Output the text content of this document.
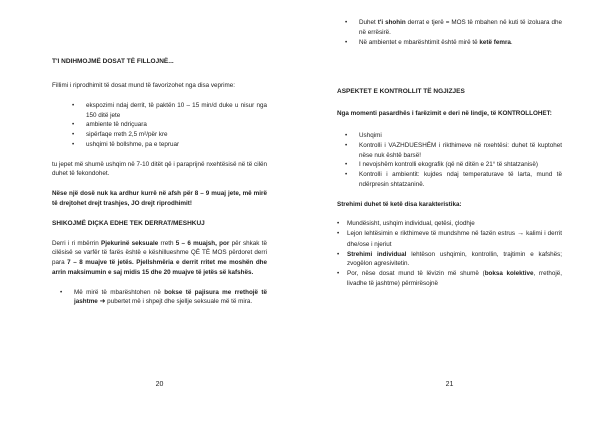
T'I NDIHMOJMË DOSAT TË FILLOJNË...

Fillimi i riprodhimit të dosat mund të favorizohet nga disa veprime:

• ekspozimi ndaj derrit, të paktën 10 – 15 min/d duke u nisur nga 150 ditë jete
• ambiente të ndriçuara
• sipërfaqe rreth 2,5 m²/për kre
• ushqimi të bollshme, pa e tepruar

tu jepet më shumë ushqim në 7-10 ditët që i paraprijnë nxehtësisë në të cilën duhet të fekondohet.

Nëse një dosë nuk ka ardhur kurrë në afsh për 8 – 9 muaj jete, më mirë të drejtohet drejt trashjes, JO drejt riprodhimit!

SHIKOJMË DIÇKA EDHE TEK DERRAT/MESHKUJ

Derri i ri mbërrin Pjekurinë seksuale rreth 5 – 6 muajsh, por për shkak të cilësisë se varfër të farës është e këshillueshme QË TË MOS përdoret derri para 7 – 8 muajve të jetës. Pjellshmëria e derrit rritet me moshën dhe arrin maksimumin e saj midis 15 dhe 20 muajve të jetës së kafshës.

• Më mirë të mbarështohen në bokse të pajisura me rrethojë të jashtme ➜ pubertet më i shpejt dhe sjellje seksuale më të mira.
20
• Duhet t'i shohin derrat e tjerë = MOS të mbahen në kuti të izoluara dhe në errësirë.
• Në ambientet e mbarështimit është mirë të ketë femra.
ASPEKTET E KONTROLLIT TË NGJIZJES

Nga momenti pasardhës i farëzimit e deri në lindje, të KONTROLLOHET:

• Ushqimi
• Kontrolli i VAZHDUESHËM i rikthimeve në nxehtësi: duhet të kuptohet nëse nuk është barsë!
• I nevojshëm kontrolli ekografik (që në ditën e 21° të shtatzanisë)
• Kontrolli i ambientit: kujdes ndaj temperaturave të larta, mund të ndërpresin shtatzaninë.

Strehimi duhet të ketë disa karakteristika:

• Mundësisht, ushqim individual, qetësi, çlodhje
• Lejon lehtësimin e rikthimeve të mundshme në fazën estrus → kalimi i derrit dhe/ose i njeriut
• Strehimi individual lehtëson ushqimin, kontrollin, trajtimin e kafshës; zvogëlon agresivitetin.
• Por, nëse dosat mund të lëvizin më shumë (boksa kolektive, rrethojë, livadhe të jashtme) përmirësojnë
21
